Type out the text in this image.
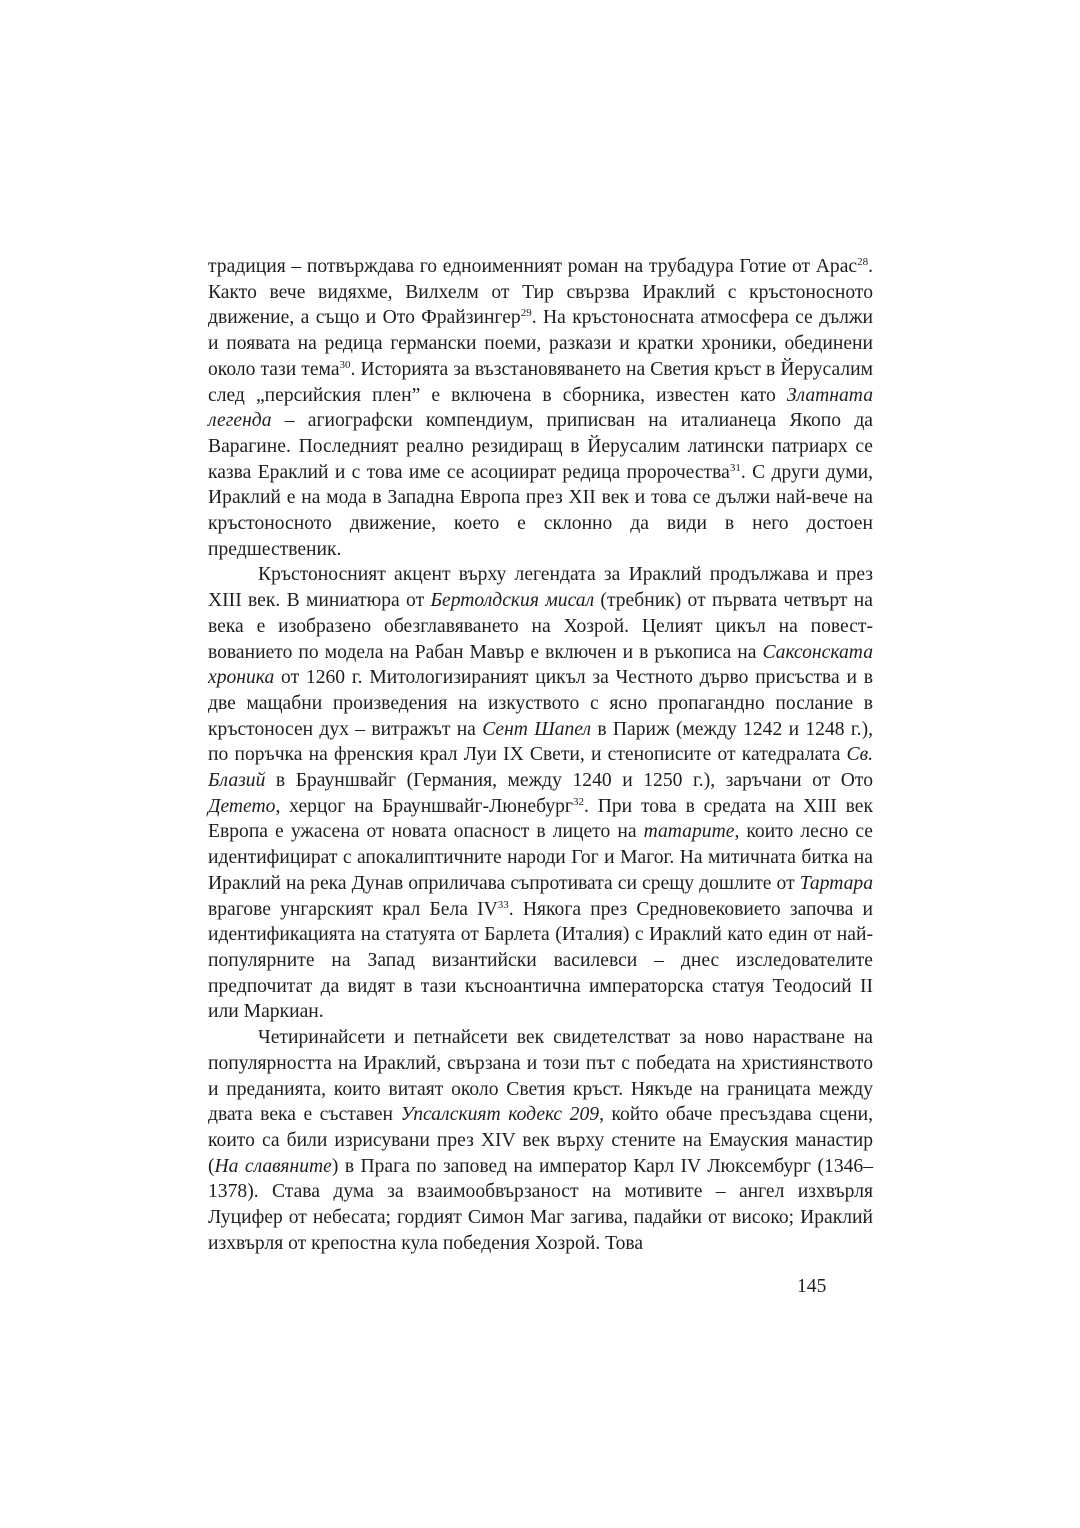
традиция – потвърждава го едноименният роман на трубадура Готие от Арас$^{28}$. Както вече видяхме, Вилхелм от Тир свързва Ираклий с кръстоносното движение, а също и Ото Фрайзингер$^{29}$. На кръстоносната атмосфера се дължи и появата на редица германски поеми, разкази и кратки хроники, обединени около тази тема$^{30}$. Историята за възстановяването на Светия кръст в Йерусалим след „персийския плен” е включена в сборника, известен като Златната легенда – агиографски компендиум, приписван на италианеца Якопо да Варагине. Последният реално резидиращ в Йерусалим латински патриарх се казва Ераклий и с това име се асоциират редица пророчества$^{31}$. С други думи, Ираклий е на мода в Западна Европа през XII век и това се дължи най-вече на кръстоносното движение, което е склонно да види в него достоен предшественик.

Кръстоносният акцент върху легендата за Ираклий продължава и през XIII век. В миниатюра от Бертолдския мисал (требник) от първата четвърт на века е изобразено обезглавяването на Хозрой. Целият цикъл на повествованието по модела на Рабан Мавър е включен и в ръкописа на Саксонската хроника от 1260 г. Митологизираният цикъл за Честното дърво присъства и в две мащабни произведения на изкуството с ясно пропагандно послание в кръстоносен дух – витражът на Сент Шапел в Париж (между 1242 и 1248 г.), по поръчка на френския крал Луи IX Свети, и стенописите от катедралата Св. Блазий в Брауншвайг (Германия, между 1240 и 1250 г.), заръчани от Ото Детето, херцог на Брауншвайг-Люнебург$^{32}$. При това в средата на XIII век Европа е ужасена от новата опасност в лицето на татарите, които лесно се идентифицират с апокалиптичните народи Гог и Магог. На митичната битка на Ираклий на река Дунав оприличава съпротивата си срещу дошлите от Тартара врагове унгарският крал Бела IV$^{33}$. Някога през Средновековието започва и идентификацията на статуята от Барлета (Италия) с Ираклий като един от най-популярните на Запад византийски василевси – днес изследователите предпочитат да видят в тази късноантична императорска статуя Теодосий II или Маркиан.

Четиринайсети и петнайсети век свидетелстват за ново нарастване на популярността на Ираклий, свързана и този път с победата на християнството и преданията, които витаят около Светия кръст. Някъде на границата между двата века е съставен Упсалският кодекс 209, който обаче пресъздава сцени, които са били изрисувани през XIV век върху стените на Емауския манастир (На славяните) в Прага по заповед на император Карл IV Люксембург (1346–1378). Става дума за взаимообвързаност на мотивите – ангел изхвърля Луцифер от небесата; гордият Симон Маг загива, падайки от високо; Ираклий изхвърля от крепостна кула победения Хозрой. Това

145
